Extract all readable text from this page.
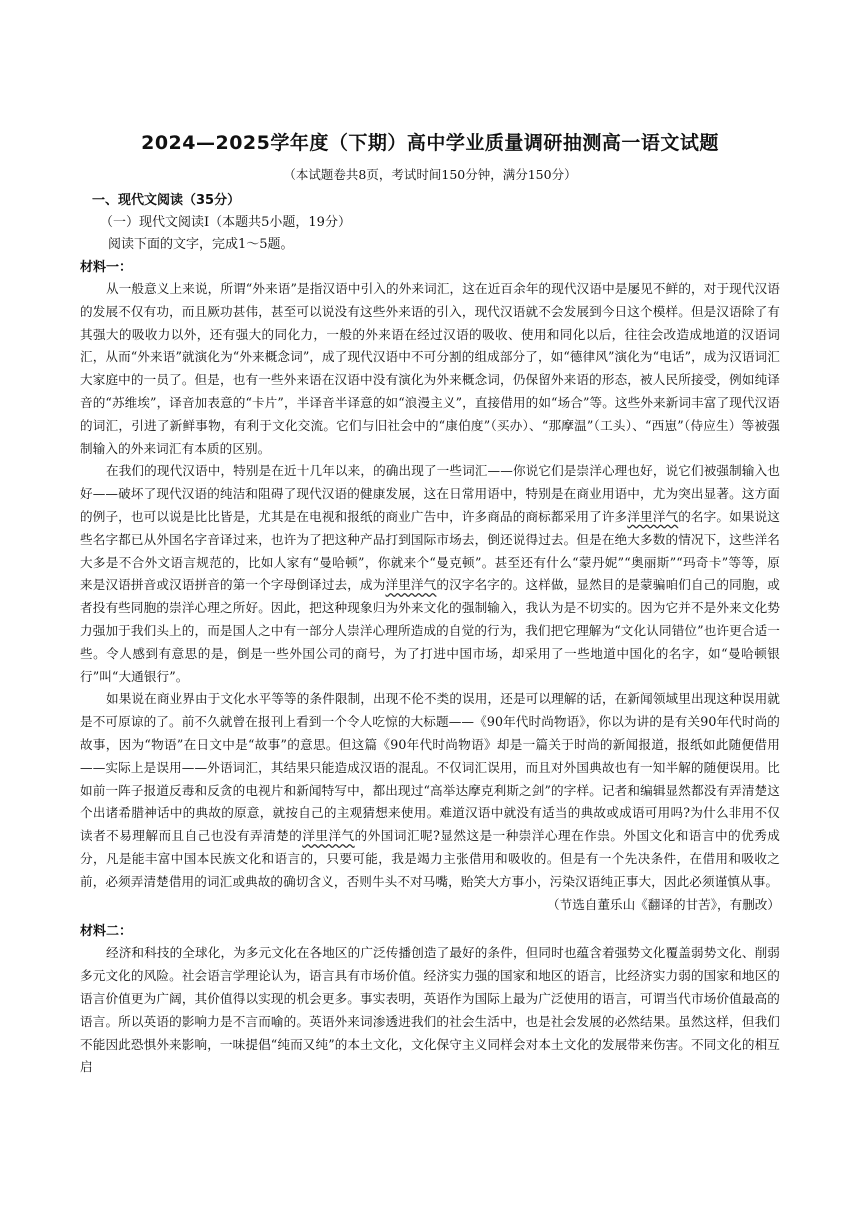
2024—2025学年度（下期）高中学业质量调研抽测高一语文试题

（本试题卷共8页，考试时间150分钟，满分150分）

一、现代文阅读（35分）

（一）现代文阅读Ⅰ（本题共5小题，19分）

阅读下面的文字，完成1～5题。

材料一：

从一般意义上来说，所谓“外来语”是指汉语中引入的外来词汇，这在近百余年的现代汉语中是屡见不鲜的，对于现代汉语的发展不仅有功，而且厥功甚伟，甚至可以说没有这些外来语的引入，现代汉语就不会发展到今日这个模样。但是汉语除了有其强大的吸收力以外，还有强大的同化力，一般的外来语在经过汉语的吸收、使用和同化以后，往往会改造成地道的汉语词汇，从而“外来语”就演化为“外来概念词”，成了现代汉语中不可分割的组成部分了，如“德律风”演化为“电话”，成为汉语词汇大家庭中的一员了。但是，也有一些外来语在汉语中没有演化为外来概念词，仍保留外来语的形态，被人民所接受，例如纯译音的“苏维埃”，译音加表意的“卡片”，半译音半译意的如“浪漫主义”，直接借用的如“场合”等。这些外来新词丰富了现代汉语的词汇，引进了新鲜事物，有利于文化交流。它们与旧社会中的“康伯度”（买办）、“那摩温”（工头）、“西崽”（侍应生）等被强制输入的外来词汇有本质的区别。

在我们的现代汉语中，特别是在近十几年以来，的确出现了一些词汇——你说它们是崇洋心理也好，说它们被强制输入也好——破坏了现代汉语的纯洁和阻碍了现代汉语的健康发展，这在日常用语中，特别是在商业用语中，尤为突出显著。这方面的例子，也可以说是比比皆是，尤其是在电视和报纸的商业广告中，许多商品的商标都采用了许多洋里洋气的名字。如果说这些名字都已从外国名字音译过来，也许为了把这种产品打到国际市场去，倒还说得过去。但是在绝大多数的情况下，这些洋名大多是不合外文语言规范的，比如人家有“曼哈顿”，你就来个“曼克顿”。甚至还有什么“蒙丹妮”“奥丽斯”“玛奇卡”等等，原来是汉语拼音或汉语拼音的第一个字母倒译过去，成为洋里洋气的汉字名字的。这样做，显然目的是蒙骗咱们自己的同胞，或者投有些同胞的崇洋心理之所好。因此，把这种现象归为外来文化的强制输入，我认为是不切实的。因为它并不是外来文化势力强加于我们头上的，而是国人之中有一部分人崇洋心理所造成的自觉的行为，我们把它理解为“文化认同错位”也许更合适一些。令人感到有意思的是，倒是一些外国公司的商号，为了打进中国市场，却采用了一些地道中国化的名字，如“曼哈顿银行”叫“大通银行”。

如果说在商业界由于文化水平等等的条件限制，出现不伦不类的误用，还是可以理解的话，在新闻领域里出现这种误用就是不可原谅的了。前不久就曾在报刊上看到一个令人吃惊的大标题——《90年代时尚物语》，你以为讲的是有关90年代时尚的故事，因为“物语”在日文中是“故事”的意思。但这篇《90年代时尚物语》却是一篇关于时尚的新闻报道，报纸如此随便借用——实际上是误用——外语词汇，其结果只能造成汉语的混乱。不仅词汇误用，而且对外国典故也有一知半解的随便误用。比如前一阵子报道反毒和反贪的电视片和新闻特写中，都出现过“高举达摩克利斯之剑”的字样。记者和编辑显然都没有弄清楚这个出诸希腊神话中的典故的原意，就按自己的主观猜想来使用。难道汉语中就没有适当的典故或成语可用吗?为什么非用不仅读者不易理解而且自己也没有弄清楚的洋里洋气的外国词汇呢?显然这是一种崇洋心理在作祟。外国文化和语言中的优秀成分，凡是能丰富中国本民族文化和语言的，只要可能，我是竭力主张借用和吸收的。但是有一个先决条件，在借用和吸收之前，必须弄清楚借用的词汇或典故的确切含义，否则牛头不对马嘴，贻笑大方事小，污染汉语纯正事大，因此必须谨慎从事。

（节选自董乐山《翻译的甘苦》，有删改）

材料二：

经济和科技的全球化，为多元文化在各地区的广泛传播创造了最好的条件，但同时也蕴含着强势文化覆盖弱势文化、削弱多元文化的风险。社会语言学理论认为，语言具有市场价值。经济实力强的国家和地区的语言，比经济实力弱的国家和地区的语言价值更为广阔，其价值得以实现的机会更多。事实表明，英语作为国际上最为广泛使用的语言，可谓当代市场价值最高的语言。所以英语的影响力是不言而喻的。英语外来词渗透进我们的社会生活中，也是社会发展的必然结果。虽然这样，但我们不能因此恐惧外来影响，一味提倡“纯而又纯”的本土文化，文化保守主义同样会对本土文化的发展带来伤害。不同文化的相互启
